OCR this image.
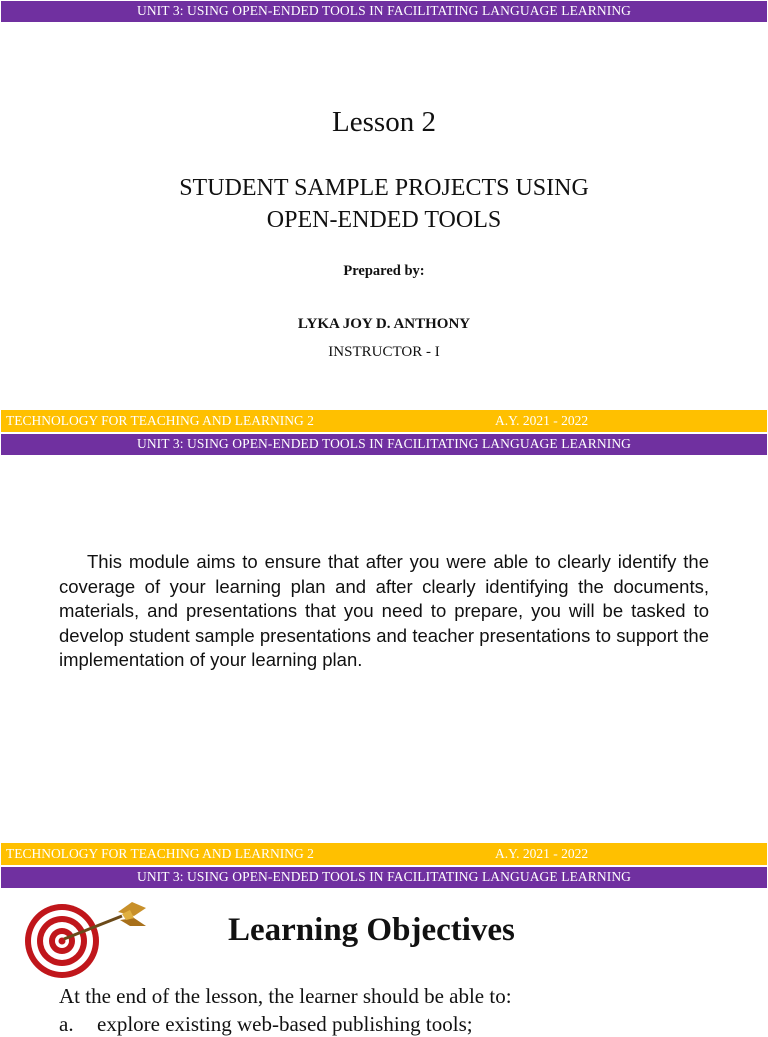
UNIT 3: USING OPEN-ENDED TOOLS IN FACILITATING LANGUAGE LEARNING
Lesson 2
STUDENT SAMPLE PROJECTS USING
OPEN-ENDED TOOLS
Prepared by:
LYKA JOY D. ANTHONY
INSTRUCTOR - I
TECHNOLOGY FOR TEACHING AND LEARNING 2	A.Y. 2021 - 2022
UNIT 3: USING OPEN-ENDED TOOLS IN FACILITATING LANGUAGE LEARNING
This module aims to ensure that after you were able to clearly identify the coverage of your learning plan and after clearly identifying the documents, materials, and presentations that you need to prepare, you will be tasked to develop student sample presentations and teacher presentations to support the implementation of your learning plan.
TECHNOLOGY FOR TEACHING AND LEARNING 2	A.Y. 2021 - 2022
UNIT 3: USING OPEN-ENDED TOOLS IN FACILITATING LANGUAGE LEARNING
Learning Objectives
At the end of the lesson, the learner should be able to:
a. explore existing web-based publishing tools;
